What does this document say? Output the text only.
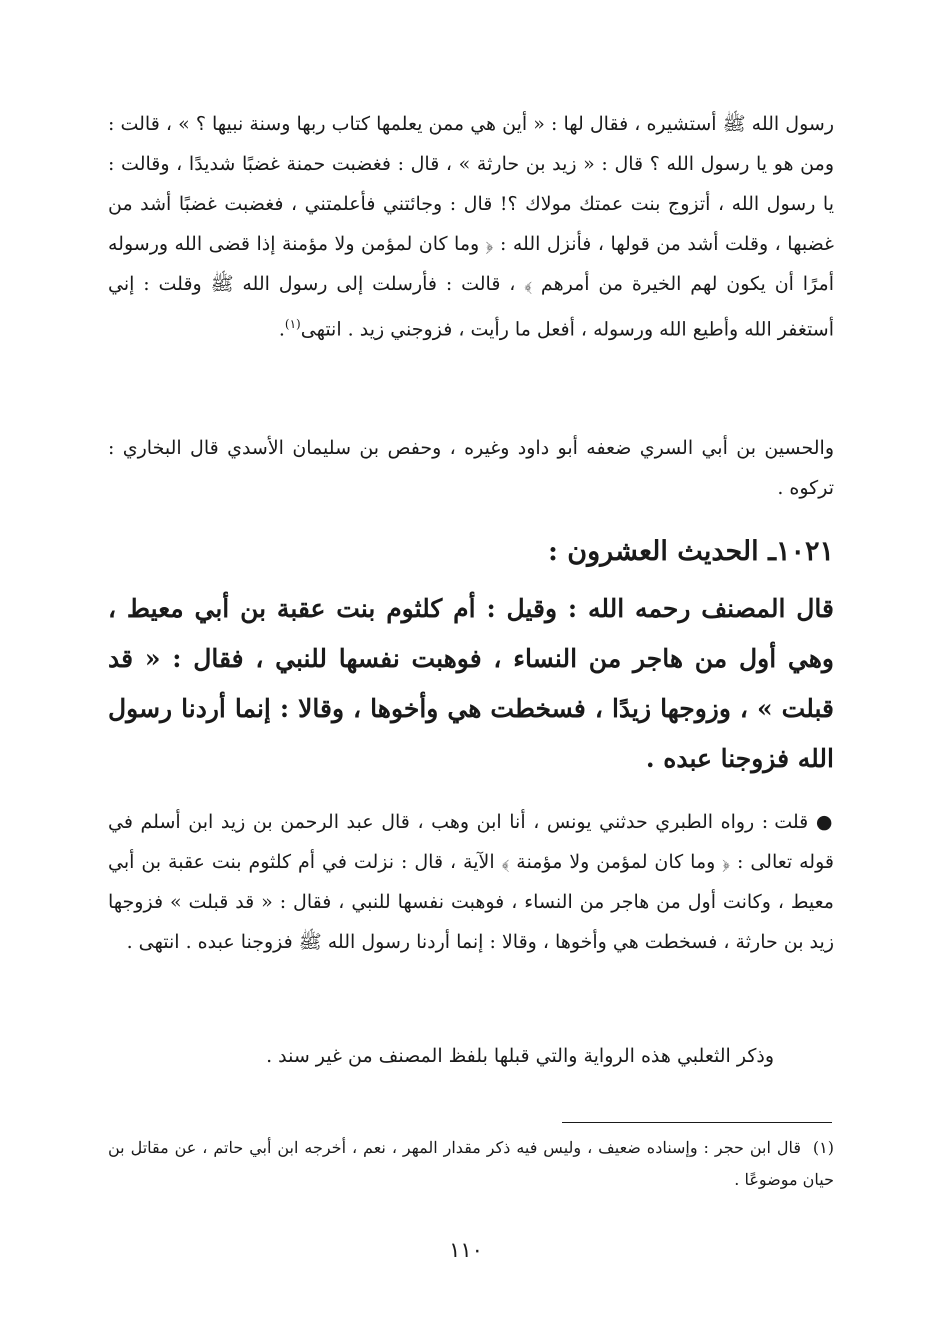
رسول الله ﷺ أستشيره ، فقال لها : « أين هي ممن يعلمها كتاب ربها وسنة نبيها ؟ » ، قالت : ومن هو يا رسول الله ؟ قال : « زيد بن حارثة » ، قال : فغضبت حمنة غضبًا شديدًا ، وقالت : يا رسول الله ، أتزوج بنت عمتك مولاك ؟! قال : وجائتني فأعلمتني ، فغضبت غضبًا أشد من غضبها ، وقلت أشد من قولها ، فأنزل الله : ﴿ وما كان لمؤمن ولا مؤمنة إذا قضى الله ورسوله أمرًا أن يكون لهم الخيرة من أمرهم ﴾ ، قالت : فأرسلت إلى رسول الله ﷺ وقلت : إني أستغفر الله وأطيع الله ورسوله ، أفعل ما رأيت ، فزوجني زيد . انتهى$^{(١)}$.
والحسين بن أبي السري ضعفه أبو داود وغيره ، وحفص بن سليمان الأسدي قال البخاري : تركوه .
١٠٢١ـ الحديث العشرون :
قال المصنف رحمه الله : وقيل : أم كلثوم بنت عقبة بن أبي معيط ، وهي أول من هاجر من النساء ، فوهبت نفسها للنبي ، فقال : « قد قبلت » ، وزوجها زيدًا ، فسخطت هي وأخوها ، وقالا : إنما أردنا رسول الله فزوجنا عبده .
● قلت : رواه الطبري حدثني يونس ، أنا ابن وهب ، قال عبد الرحمن بن زيد ابن أسلم في قوله تعالى : ﴿ وما كان لمؤمن ولا مؤمنة ﴾ الآية ، قال : نزلت في أم كلثوم بنت عقبة بن أبي معيط ، وكانت أول من هاجر من النساء ، فوهبت نفسها للنبي ، فقال : « قد قبلت » فزوجها زيد بن حارثة ، فسخطت هي وأخوها ، وقالا : إنما أردنا رسول الله ﷺ فزوجنا عبده . انتهى .
وذكر الثعلبي هذه الرواية والتي قبلها بلفظ المصنف من غير سند .
(١)  قال ابن حجر : وإسناده ضعيف ، وليس فيه ذكر مقدار المهر ، نعم ، أخرجه ابن أبي حاتم ، عن مقاتل بن حيان موضوعًا .
١١٠
